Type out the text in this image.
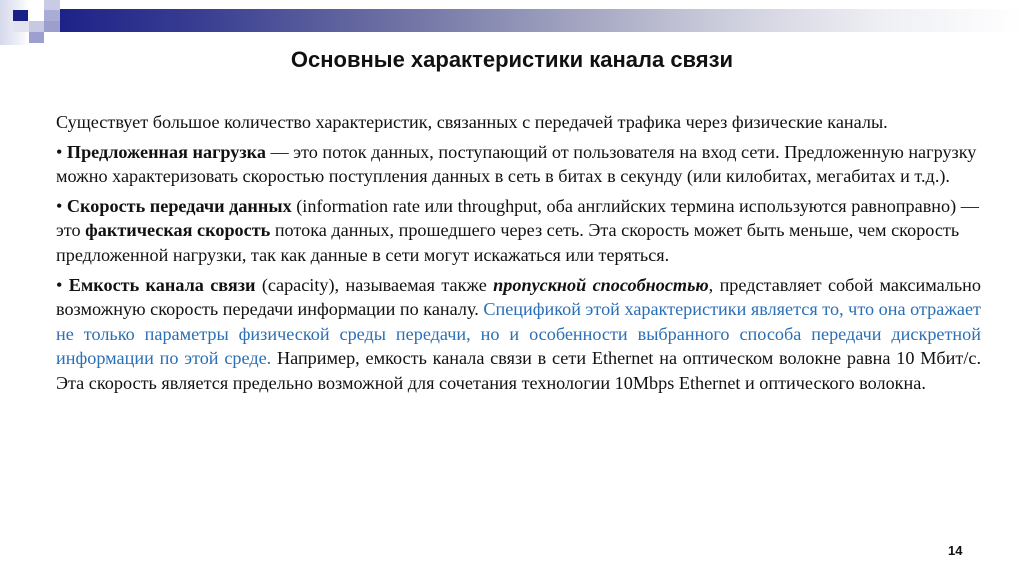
Основные характеристики канала связи

Существует большое количество характеристик, связанных с передачей трафика через физические каналы.

• Предложенная нагрузка — это поток данных, поступающий от пользователя на вход сети. Предложенную нагрузку можно характеризовать скоростью поступления данных в сеть в битах в секунду (или килобитах, мегабитах и т.д.).

• Скорость передачи данных (information rate или throughput, оба английских термина используются равноправно) — это фактическая скорость потока данных, прошедшего через сеть. Эта скорость может быть меньше, чем скорость предложенной нагрузки, так как данные в сети могут искажаться или теряться.

• Емкость канала связи (capacity), называемая также пропускной способностью, представляет собой максимально возможную скорость передачи информации по каналу. Спецификой этой характеристики является то, что она отражает не только параметры физической среды передачи, но и особенности выбранного способа передачи дискретной информации по этой среде. Например, емкость канала связи в сети Ethernet на оптическом волокне равна 10 Мбит/с. Эта скорость является предельно возможной для сочетания технологии 10Mbps Ethernet и оптического волокна.

14
